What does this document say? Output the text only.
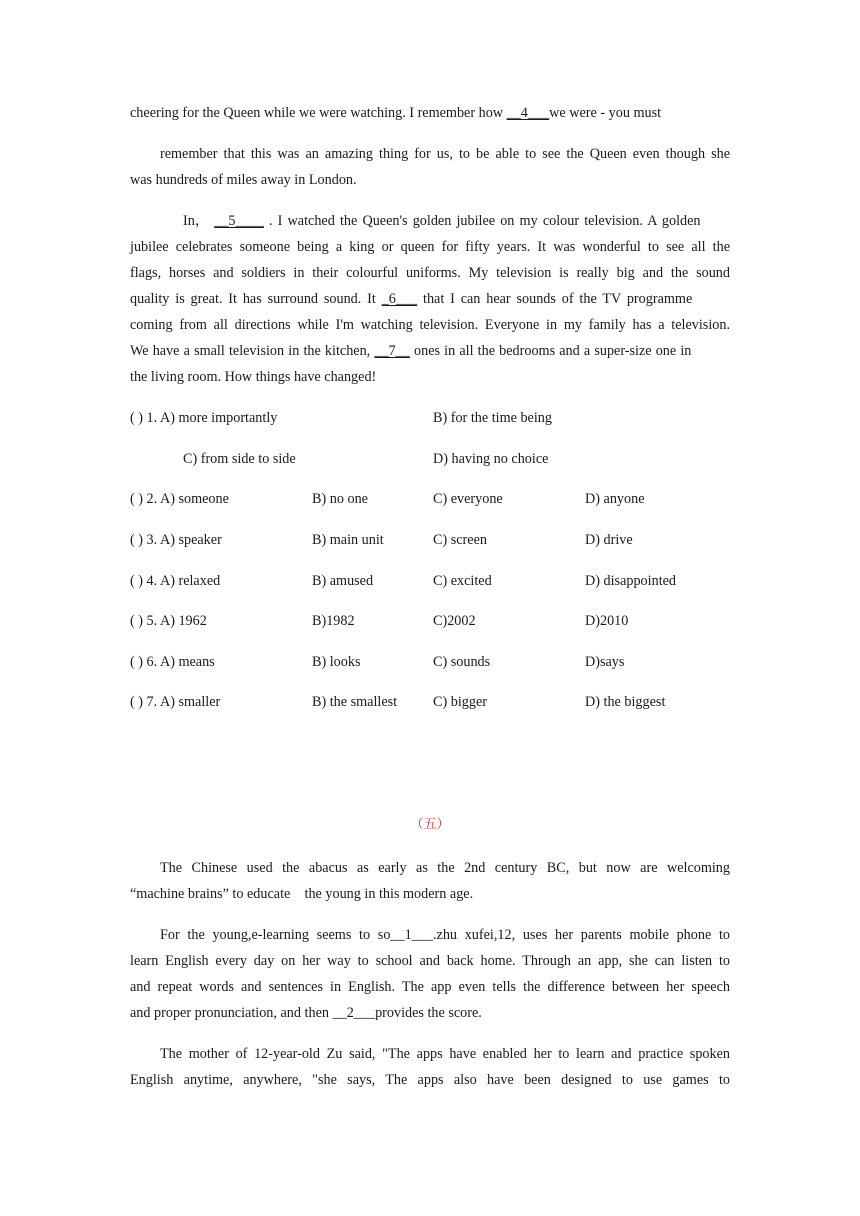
cheering for the Queen while we were watching. I remember how __4___we were - you must
remember that this was an amazing thing for us, to be able to see the Queen even though she
was hundreds of miles away in London.
In， __5____ . I watched the Queen's golden jubilee on my colour television. A golden
jubilee celebrates someone being a king or queen for fifty years. It was wonderful to see all the
flags, horses and soldiers in their colourful uniforms. My television is really big and the sound
quality is great. It has surround sound. It _6___ that I can hear sounds of the TV programme
coming from all directions while I'm watching television. Everyone in my family has a television.
We have a small television in the kitchen, __7__ ones in all the bedrooms and a super-size one in
the living room. How things have changed!
( ) 1. A) more importantly	B) for the time being
C) from side to side	D) having no choice
( ) 2. A) someone	B) no one	C) everyone	D) anyone
( ) 3. A) speaker	B) main unit	C) screen	D) drive
( ) 4. A) relaxed	B) amused	C) excited	D) disappointed
( ) 5. A) 1962	B)1982	C)2002	D)2010
( ) 6. A) means	B) looks	C) sounds	D)says
( ) 7. A) smaller	B) the smallest	C) bigger	D) the biggest
（五）
The Chinese used the abacus as early as the 2nd century BC, but now are welcoming
“machine brains” to educate    the young in this modern age.
For the young,e-learning seems to so__1___.zhu xufei,12, uses her parents mobile phone to
learn English every day on her way to school and back home. Through an app, she can listen to
and repeat words and sentences in English. The app even tells the difference between her speech
and proper pronunciation, and then __2___provides the score.
The mother of 12-year-old Zu said, "The apps have enabled her to learn and practice spoken
English anytime, anywhere, "she says, The apps also have been designed to use games to
